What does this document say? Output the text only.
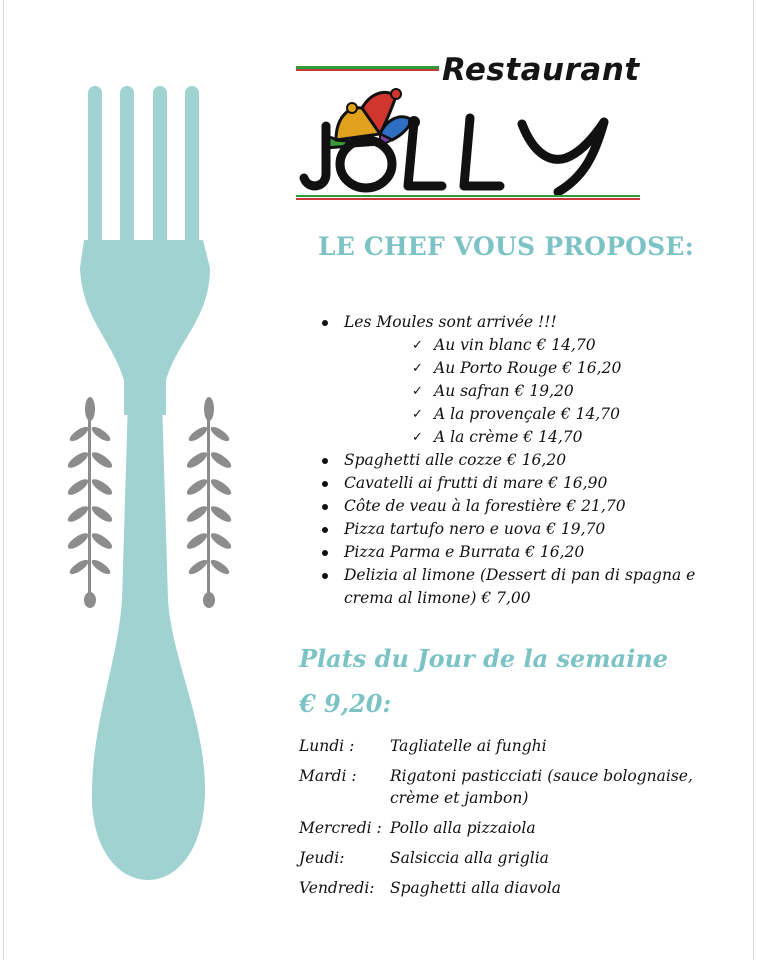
Restaurant
LE CHEF VOUS PROPOSE:
Les Moules sont arrivée !!!
✓ Au vin blanc € 14,70
✓ Au Porto Rouge € 16,20
✓ Au safran € 19,20
✓ A la provençale € 14,70
✓ A la crème € 14,70
Spaghetti alle cozze € 16,20
Cavatelli ai frutti di mare € 16,90
Côte de veau à la forestière € 21,70
Pizza tartufo nero e uova € 19,70
Pizza Parma e Burrata € 16,20
Delizia al limone (Dessert di pan di spagna e crema al limone) € 7,00
Plats du Jour de la semaine
€ 9,20:
Lundi :	Tagliatelle ai funghi
Mardi :	Rigatoni pasticciati (sauce bolognaise, crème et jambon)
Mercredi : Pollo alla pizzaiola
Jeudi:	Salsiccia alla griglia
Vendredi: Spaghetti alla diavola
